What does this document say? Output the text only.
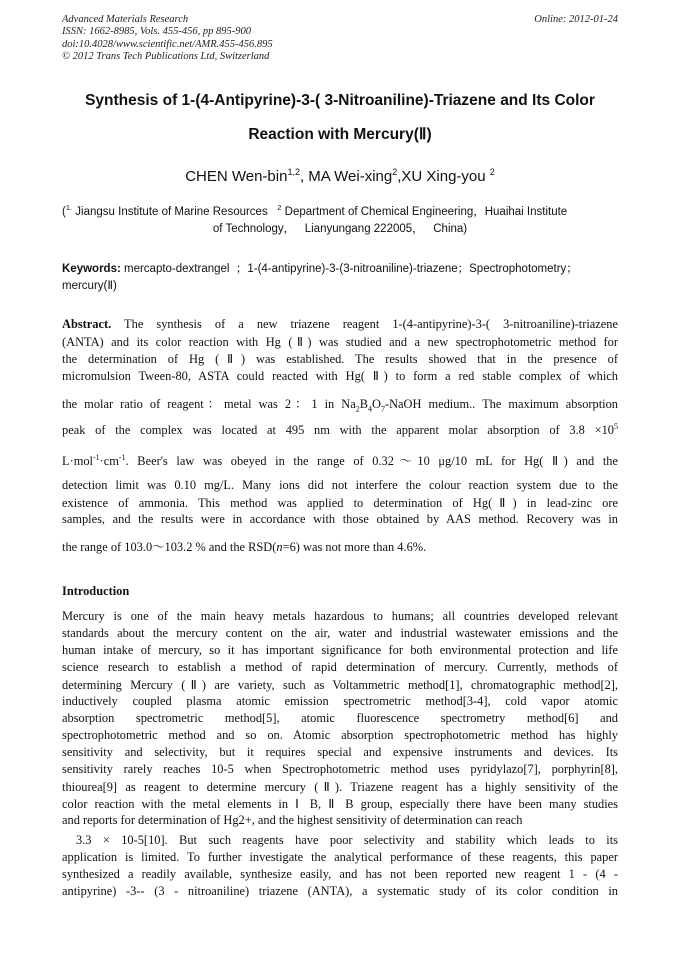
Advanced Materials Research
ISSN: 1662-8985, Vols. 455-456, pp 895-900
doi:10.4028/www.scientific.net/AMR.455-456.895
© 2012 Trans Tech Publications Ltd, Switzerland
Online: 2012-01-24
Synthesis of 1-(4-Antipyrine)-3-( 3-Nitroaniline)-Triazene and Its Color
Reaction with Mercury(Ⅱ)
CHEN Wen-bin$^{1,2}$, MA Wei-xing$^2$,XU Xing-you $^2$
($^{1.}$ Jiangsu Institute of Marine Resources   $^2$ Department of Chemical Engineering，Huaihai Institute
of Technology，   Lianyungang 222005，   China)
Keywords: mercapto-dextrangel  ；1-(4-antipyrine)-3-(3-nitroaniline)-triazene；Spectrophotometry；
mercury(Ⅱ)
Abstract. The synthesis of a new triazene reagent 1-(4-antipyrine)-3-( 3-nitroaniline)-triazene
(ANTA) and its color reaction with Hg (Ⅱ) was studied and a new spectrophotometric method for
the determination of Hg (Ⅱ) was established. The results showed that in the presence of
micromulsion Tween-80, ASTA could reacted with Hg( Ⅱ) to form a red stable complex of which
the molar ratio of reagent：metal was 2：1 in $Na_2B_4O_7$-NaOH medium.. The maximum absorption
peak of the complex was located at 495 nm with the apparent molar absorption of $3.8 \times 10^5$
$L\cdot mol^{-1}\cdot cm^{-1}$. Beer's law was obeyed in the range of 0.32～10 μg/10 mL for Hg( Ⅱ) and the
detection limit was 0.10 mg/L. Many ions did not interfere the colour reaction system due to the
existence of ammonia. This method was applied to determination of Hg(Ⅱ) in lead-zinc ore
samples, and the results were in accordance with those obtained by AAS method. Recovery was in
the range of 103.0～103.2 % and the RSD(n=6) was not more than 4.6%.
Introduction
Mercury is one of the main heavy metals hazardous to humans; all countries developed relevant
standards about the mercury content on the air, water and industrial wastewater emissions and the
human intake of mercury, so it has important significance for both environmental protection and life
science research to establish a method of rapid determination of mercury. Currently, methods of
determining Mercury (Ⅱ) are variety, such as Voltammetric method[1], chromatographic method[2],
inductively coupled plasma atomic emission spectrometric method[3-4], cold vapor atomic
absorption spectrometric method[5], atomic fluorescence spectrometry method[6] and
spectrophotometric method and so on. Atomic absorption spectrophotometric method has highly
sensitivity and selectivity, but it requires special and expensive instruments and devices. Its
sensitivity rarely reaches 10-5 when Spectrophotometric method uses pyridylazo[7], porphyrin[8],
thiourea[9] as reagent to determine mercury (Ⅱ). Triazene reagent has a highly sensitivity of the
color reaction with the metal elements in Ⅰ B, Ⅱ B group, especially there have been many studies
and reports for determination of Hg2+, and the highest sensitivity of determination can reach
3.3 × 10-5[10]. But such reagents have poor selectivity and stability which leads to its
application is limited. To further investigate the analytical performance of these reagents, this paper
synthesized a readily available, synthesize easily, and has not been reported new reagent 1 - (4 -
antipyrine) -3-- (3 - nitroaniline) triazene (ANTA), a systematic study of its color condition in
